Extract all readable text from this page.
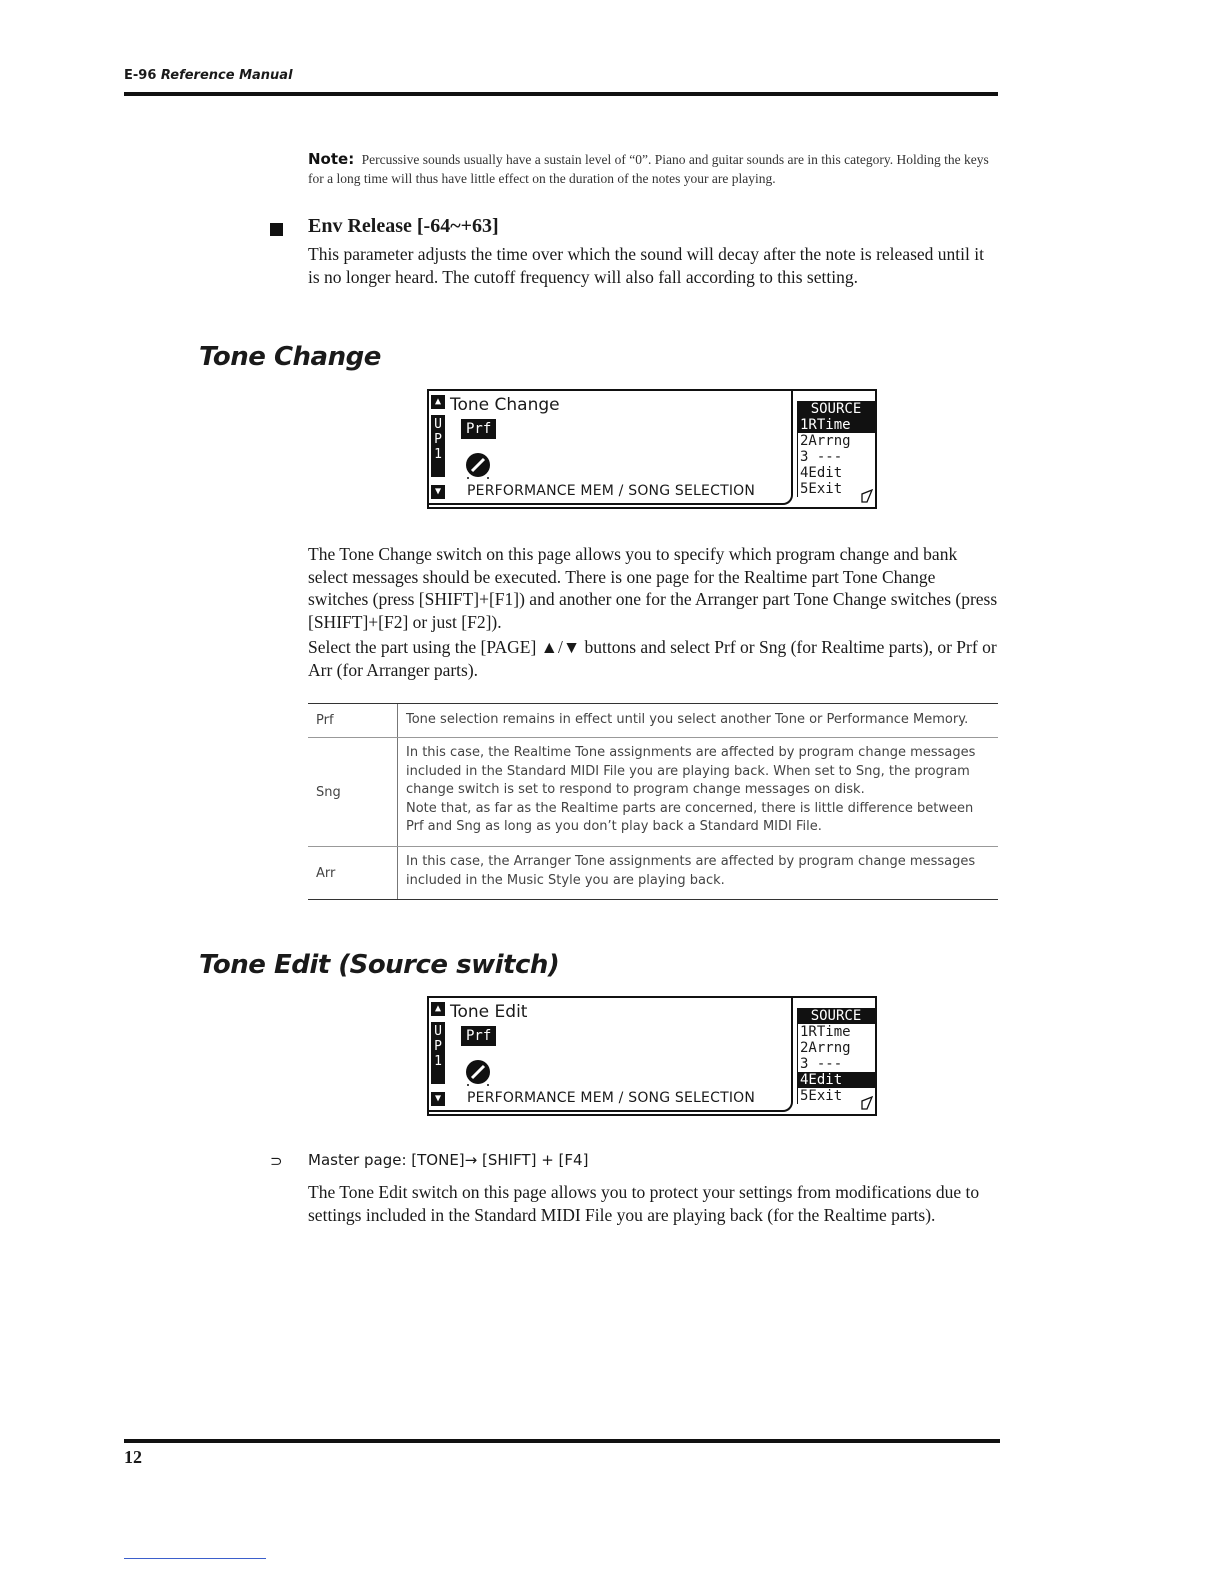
E-96 Reference Manual
Note: Percussive sounds usually have a sustain level of “0”. Piano and guitar sounds are in this category. Holding the keys for a long time will thus have little effect on the duration of the notes your are playing.
Env Release [-64~+63]
This parameter adjusts the time over which the sound will decay after the note is released until it is no longer heard. The cutoff frequency will also fall according to this setting.
Tone Change
▲
U
P
1
▼
Tone Change
Prf
PERFORMANCE MEM / SONG SELECTION
SOURCE
1RTime
2Arrng
3 ---
4Edit
5Exit
The Tone Change switch on this page allows you to specify which program change and bank select messages should be executed. There is one page for the Realtime part Tone Change switches (press [SHIFT]+[F1]) and another one for the Arranger part Tone Change switches (press [SHIFT]+[F2] or just [F2]).
Select the part using the [PAGE] ▲/▼ buttons and select Prf or Sng (for Realtime parts), or Prf or Arr (for Arranger parts).
Prf	Tone selection remains in effect until you select another Tone or Performance Memory.
Sng
In this case, the Realtime Tone assignments are affected by program change messages
included in the Standard MIDI File you are playing back. When set to Sng, the program
change switch is set to respond to program change messages on disk.
Note that, as far as the Realtime parts are concerned, there is little difference between
Prf and Sng as long as you don’t play back a Standard MIDI File.
Arr
In this case, the Arranger Tone assignments are affected by program change messages
included in the Music Style you are playing back.
Tone Edit (Source switch)
▲
U
P
1
▼
Tone Edit
Prf
PERFORMANCE MEM / SONG SELECTION
SOURCE
1RTime
2Arrng
3 ---
4Edit
5Exit
⊃ Master page: [TONE]→ [SHIFT] + [F4]
The Tone Edit switch on this page allows you to protect your settings from modifications due to settings included in the Standard MIDI File you are playing back (for the Realtime parts).
12
